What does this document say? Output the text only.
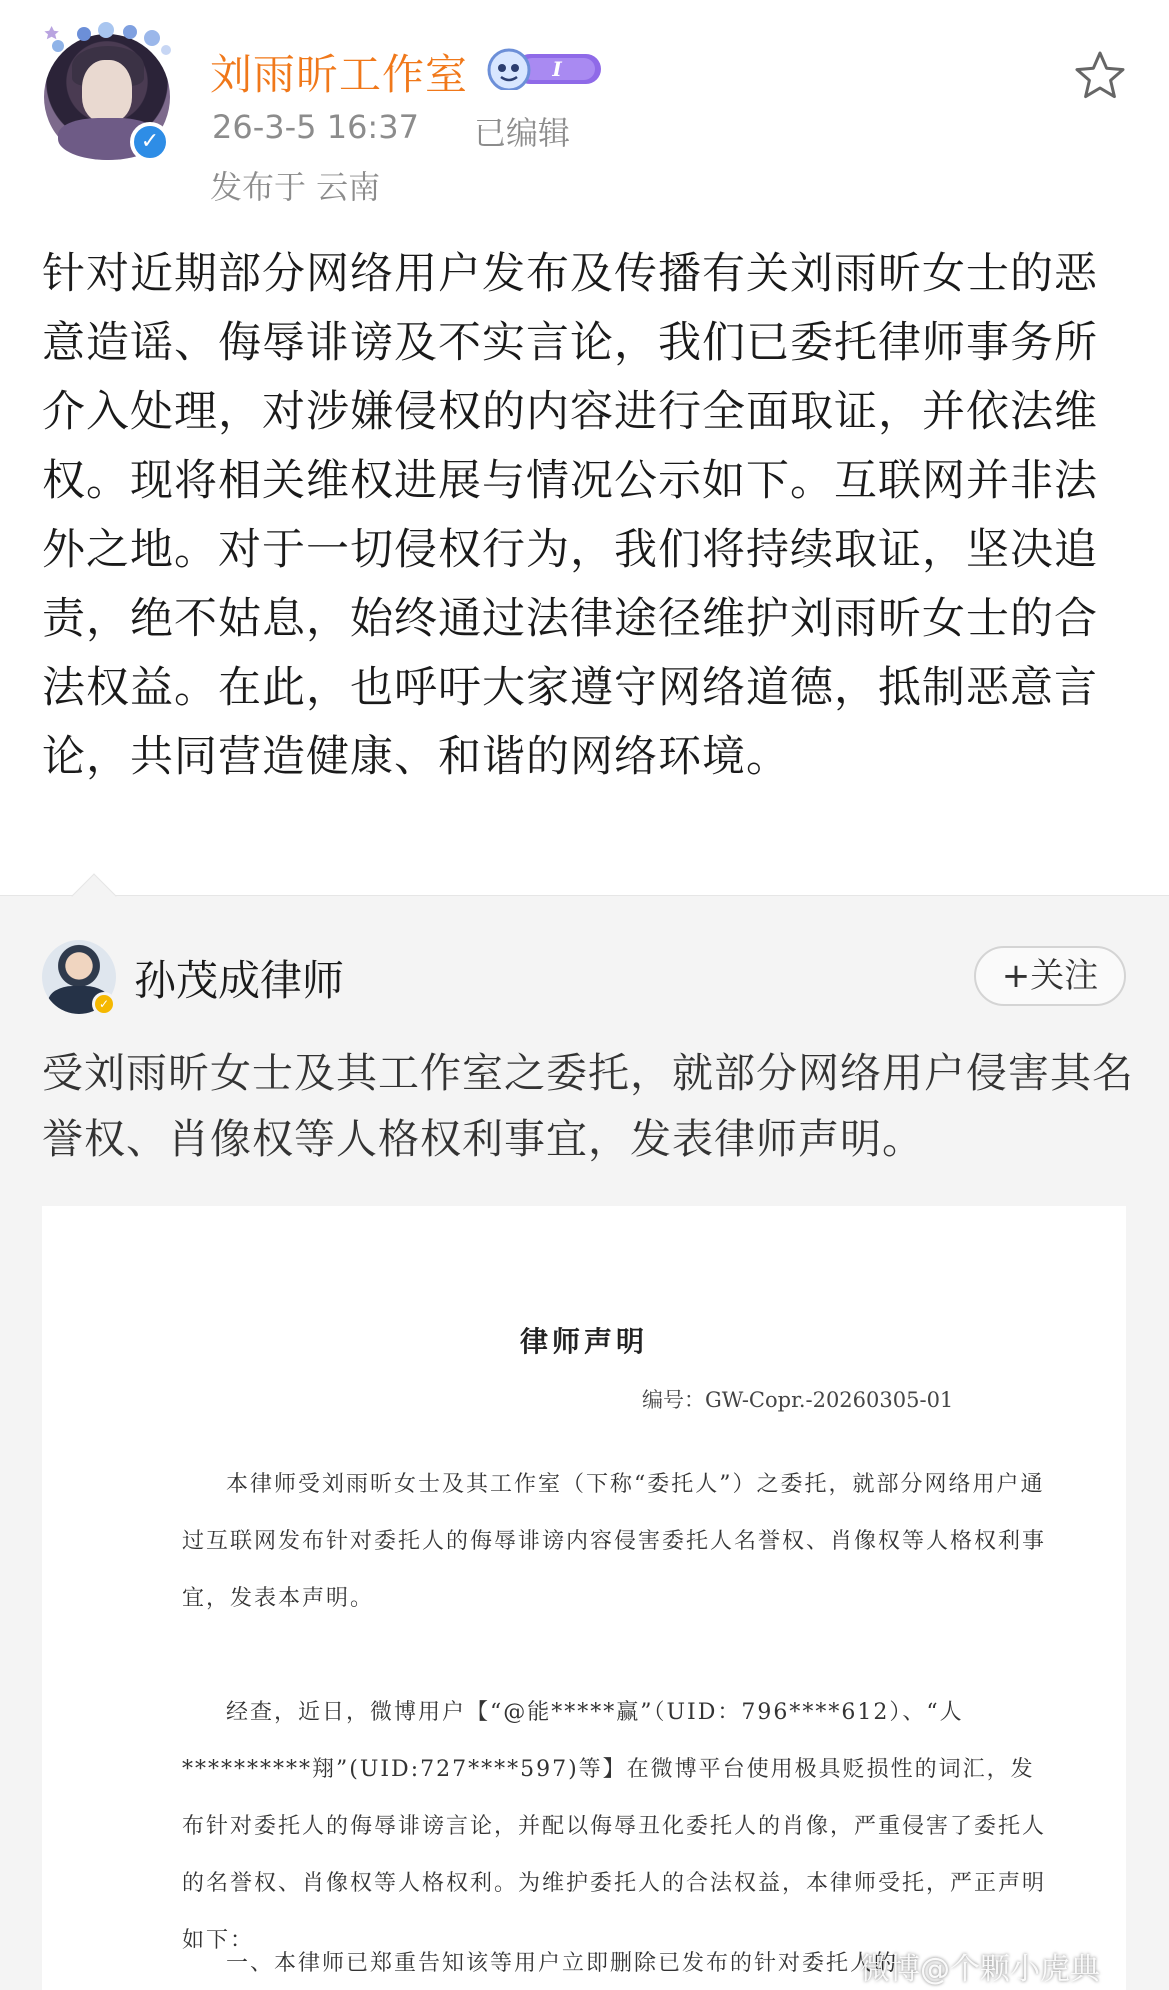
✓
刘雨昕工作室	I
26-3-5 16:37 已编辑
发布于 云南
针对近期部分网络用户发布及传播有关刘雨昕女士的恶意造谣、侮辱诽谤及不实言论，我们已委托律师事务所介入处理，对涉嫌侵权的内容进行全面取证，并依法维权。现将相关维权进展与情况公示如下。互联网并非法外之地。对于一切侵权行为，我们将持续取证，坚决追责，绝不姑息，始终通过法律途径维护刘雨昕女士的合法权益。在此，也呼吁大家遵守网络道德，抵制恶意言论，共同营造健康、和谐的网络环境。
✓ 孙茂成律师	+关注
受刘雨昕女士及其工作室之委托，就部分网络用户侵害其名誉权、肖像权等人格权利事宜，发表律师声明。
律师声明
编号：GW-Copr.-20260305-01
本律师受刘雨昕女士及其工作室（下称“委托人”）之委托，就部分网络用户通过互联网发布针对委托人的侮辱诽谤内容侵害委托人名誉权、肖像权等人格权利事宜，发表本声明。
经查，近日，微博用户【“@能*****赢”（UID：796****612）、“人**********翔”(UID:727****597)等】在微博平台使用极具贬损性的词汇，发布针对委托人的侮辱诽谤言论，并配以侮辱丑化委托人的肖像，严重侵害了委托人的名誉权、肖像权等人格权利。为维护委托人的合法权益，本律师受托，严正声明如下：
一、本律师已郑重告知该等用户立即删除已发布的针对委托人的
微博@个颗小虎典
